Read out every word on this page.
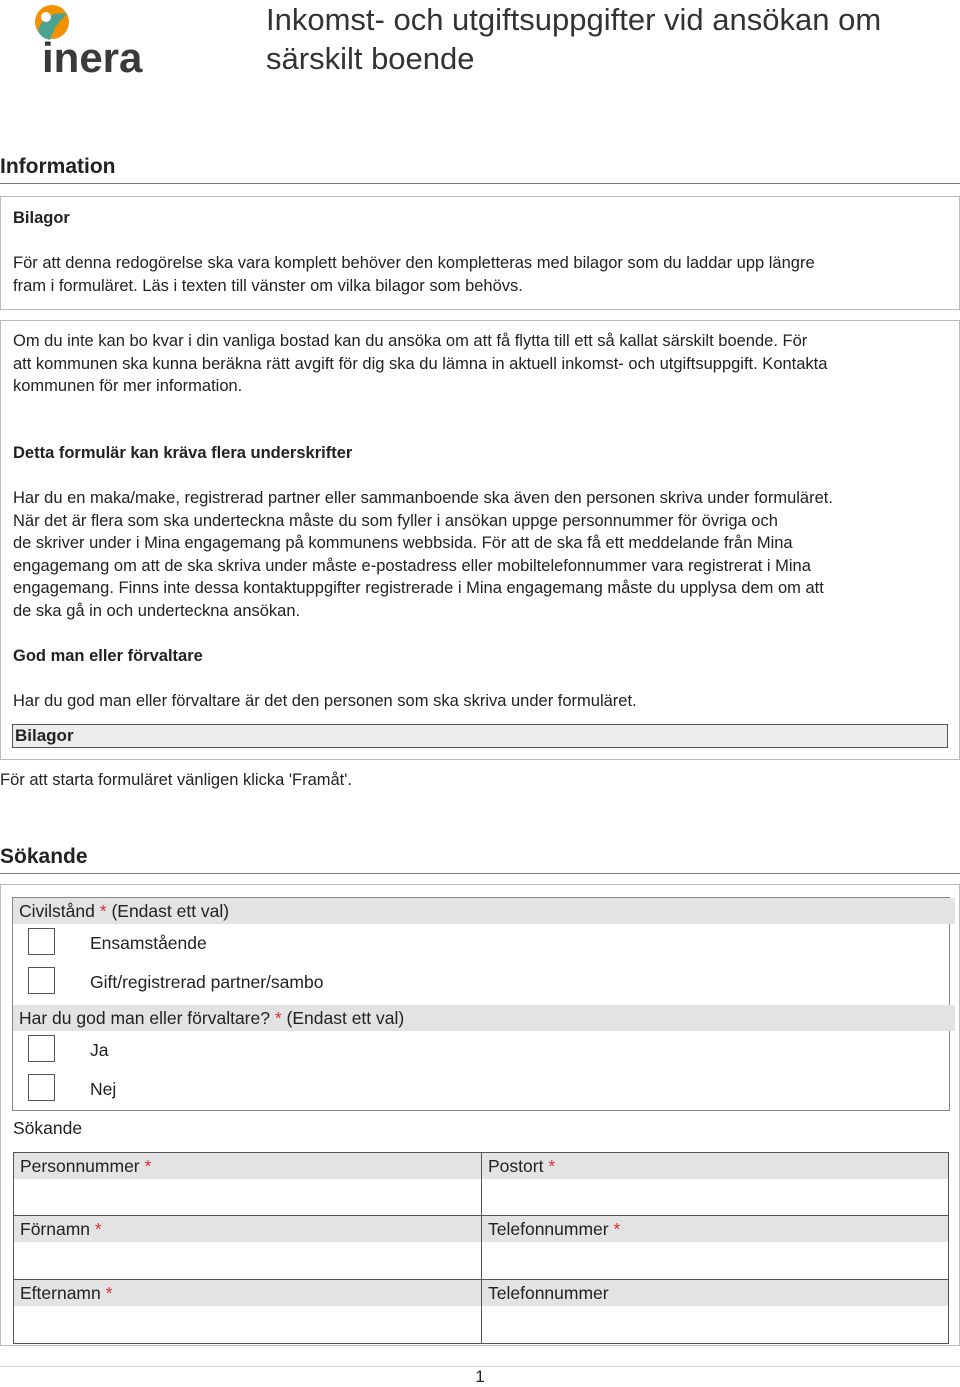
inera
Inkomst- och utgiftsuppgifter vid ansökan om
särskilt boende
Information
Bilagor
För att denna redogörelse ska vara komplett behöver den kompletteras med bilagor som du laddar upp längre
fram i formuläret. Läs i texten till vänster om vilka bilagor som behövs.
Om du inte kan bo kvar i din vanliga bostad kan du ansöka om att få flytta till ett så kallat särskilt boende. För
att kommunen ska kunna beräkna rätt avgift för dig ska du lämna in aktuell inkomst- och utgiftsuppgift. Kontakta
kommunen för mer information.
Detta formulär kan kräva flera underskrifter
Har du en maka/make, registrerad partner eller sammanboende ska även den personen skriva under formuläret.
När det är flera som ska underteckna måste du som fyller i ansökan uppge personnummer för övriga och
de skriver under i Mina engagemang på kommunens webbsida. För att de ska få ett meddelande från Mina
engagemang om att de ska skriva under måste e-postadress eller mobiltelefonnummer vara registrerat i Mina
engagemang. Finns inte dessa kontaktuppgifter registrerade i Mina engagemang måste du upplysa dem om att
de ska gå in och underteckna ansökan.
God man eller förvaltare
Har du god man eller förvaltare är det den personen som ska skriva under formuläret.
Bilagor
För att starta formuläret vänligen klicka 'Framåt'.
Sökande
Civilstånd * (Endast ett val)
Ensamstående
Gift/registrerad partner/sambo
Har du god man eller förvaltare? * (Endast ett val)
Ja
Nej
Sökande
Personnummer *	Postort *
Förnamn *	Telefonnummer *
Efternamn *	Telefonnummer
1
